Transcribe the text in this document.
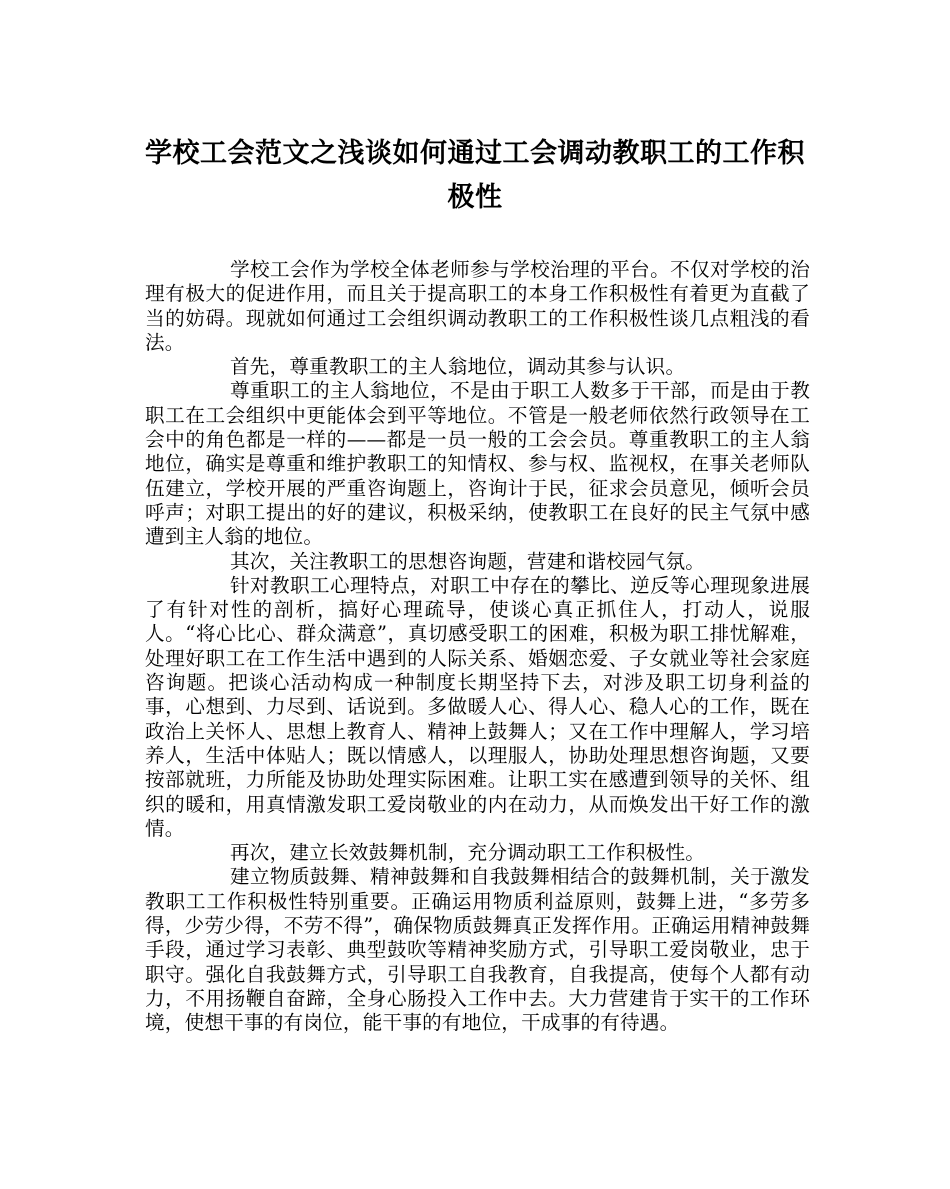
学校工会范文之浅谈如何通过工会调动教职工的工作积极性

学校工会作为学校全体老师参与学校治理的平台。不仅对学校的治理有极大的促进作用，而且关于提高职工的本身工作积极性有着更为直截了当的妨碍。现就如何通过工会组织调动教职工的工作积极性谈几点粗浅的看法。

首先，尊重教职工的主人翁地位，调动其参与认识。

尊重职工的主人翁地位，不是由于职工人数多于干部，而是由于教职工在工会组织中更能体会到平等地位。不管是一般老师依然行政领导在工会中的角色都是一样的——都是一员一般的工会会员。尊重教职工的主人翁地位，确实是尊重和维护教职工的知情权、参与权、监视权，在事关老师队伍建立，学校开展的严重咨询题上，咨询计于民，征求会员意见，倾听会员呼声；对职工提出的好的建议，积极采纳，使教职工在良好的民主气氛中感遭到主人翁的地位。

其次，关注教职工的思想咨询题，营建和谐校园气氛。

针对教职工心理特点，对职工中存在的攀比、逆反等心理现象进展了有针对性的剖析，搞好心理疏导，使谈心真正抓住人，打动人，说服人。“将心比心、群众满意”，真切感受职工的困难，积极为职工排忧解难，处理好职工在工作生活中遇到的人际关系、婚姻恋爱、子女就业等社会家庭咨询题。把谈心活动构成一种制度长期坚持下去，对涉及职工切身利益的事，心想到、力尽到、话说到。多做暖人心、得人心、稳人心的工作，既在政治上关怀人、思想上教育人、精神上鼓舞人；又在工作中理解人，学习培养人，生活中体贴人；既以情感人，以理服人，协助处理思想咨询题，又要按部就班，力所能及协助处理实际困难。让职工实在感遭到领导的关怀、组织的暖和，用真情激发职工爱岗敬业的内在动力，从而焕发出干好工作的激情。

再次，建立长效鼓舞机制，充分调动职工工作积极性。

建立物质鼓舞、精神鼓舞和自我鼓舞相结合的鼓舞机制，关于激发教职工工作积极性特别重要。正确运用物质利益原则，鼓舞上进，“多劳多得，少劳少得，不劳不得”，确保物质鼓舞真正发挥作用。正确运用精神鼓舞手段，通过学习表彰、典型鼓吹等精神奖励方式，引导职工爱岗敬业，忠于职守。强化自我鼓舞方式，引导职工自我教育，自我提高，使每个人都有动力，不用扬鞭自奋蹄，全身心肠投入工作中去。大力营建肯于实干的工作环境，使想干事的有岗位，能干事的有地位，干成事的有待遇。
